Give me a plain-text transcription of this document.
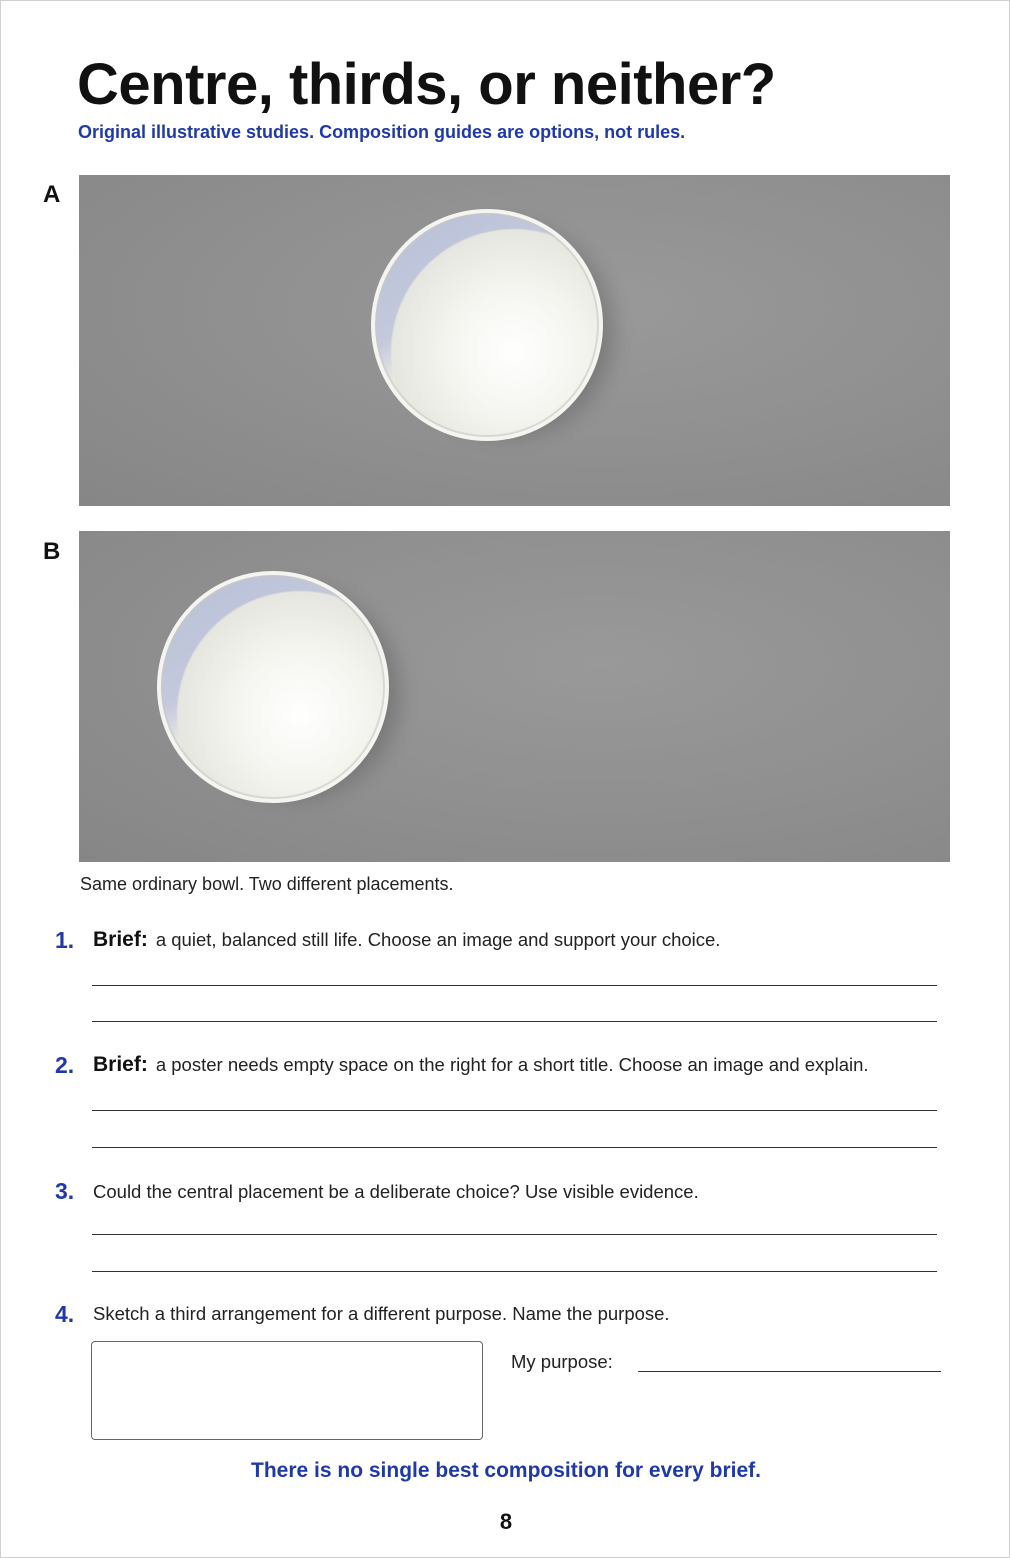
Centre, thirds, or neither?
Original illustrative studies. Composition guides are options, not rules.
A
B
Same ordinary bowl. Two different placements.
1. Brief: a quiet, balanced still life. Choose an image and support your choice.
2. Brief: a poster needs empty space on the right for a short title. Choose an image and explain.
3. Could the central placement be a deliberate choice? Use visible evidence.
4. Sketch a third arrangement for a different purpose. Name the purpose.
My purpose:
There is no single best composition for every brief.
8
